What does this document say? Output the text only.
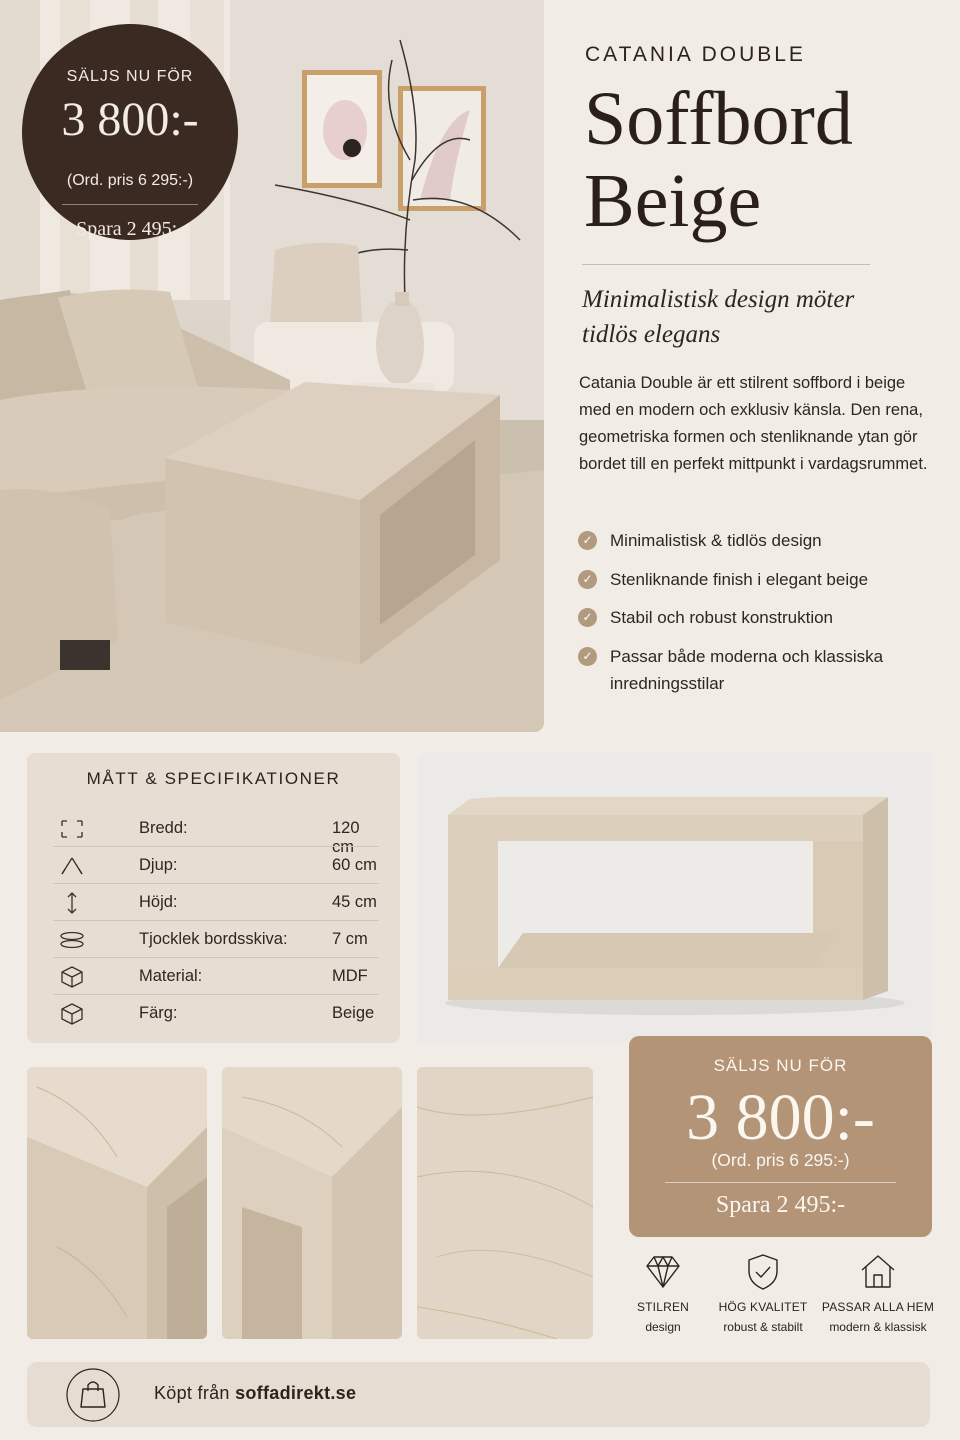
SÄLJS NU FÖR
3 800:-
(Ord. pris 6 295:-)
Spara 2 495:-
CATANIA DOUBLE
Soffbord
Beige
Minimalistisk design möter
tidlös elegans
Catania Double är ett stilrent soffbord i beige med en modern och exklusiv känsla. Den rena, geometriska formen och stenliknande ytan gör bordet till en perfekt mittpunkt i vardagsrummet.
✓ Minimalistisk & tidlös design
✓ Stenliknande finish i elegant beige
✓ Stabil och robust konstruktion
✓ Passar både moderna och klassiska inredningsstilar
MÅTT & SPECIFIKATIONER
Bredd:	120 cm
Djup:	60 cm
Höjd:	45 cm
Tjocklek bordsskiva:	7 cm
Material:	MDF
Färg:	Beige
SÄLJS NU FÖR
3 800:-
(Ord. pris 6 295:-)
Spara 2 495:-
STILREN
design
HÖG KVALITET
robust & stabilt
PASSAR ALLA HEM
modern & klassisk
Köpt från soffadirekt.se
